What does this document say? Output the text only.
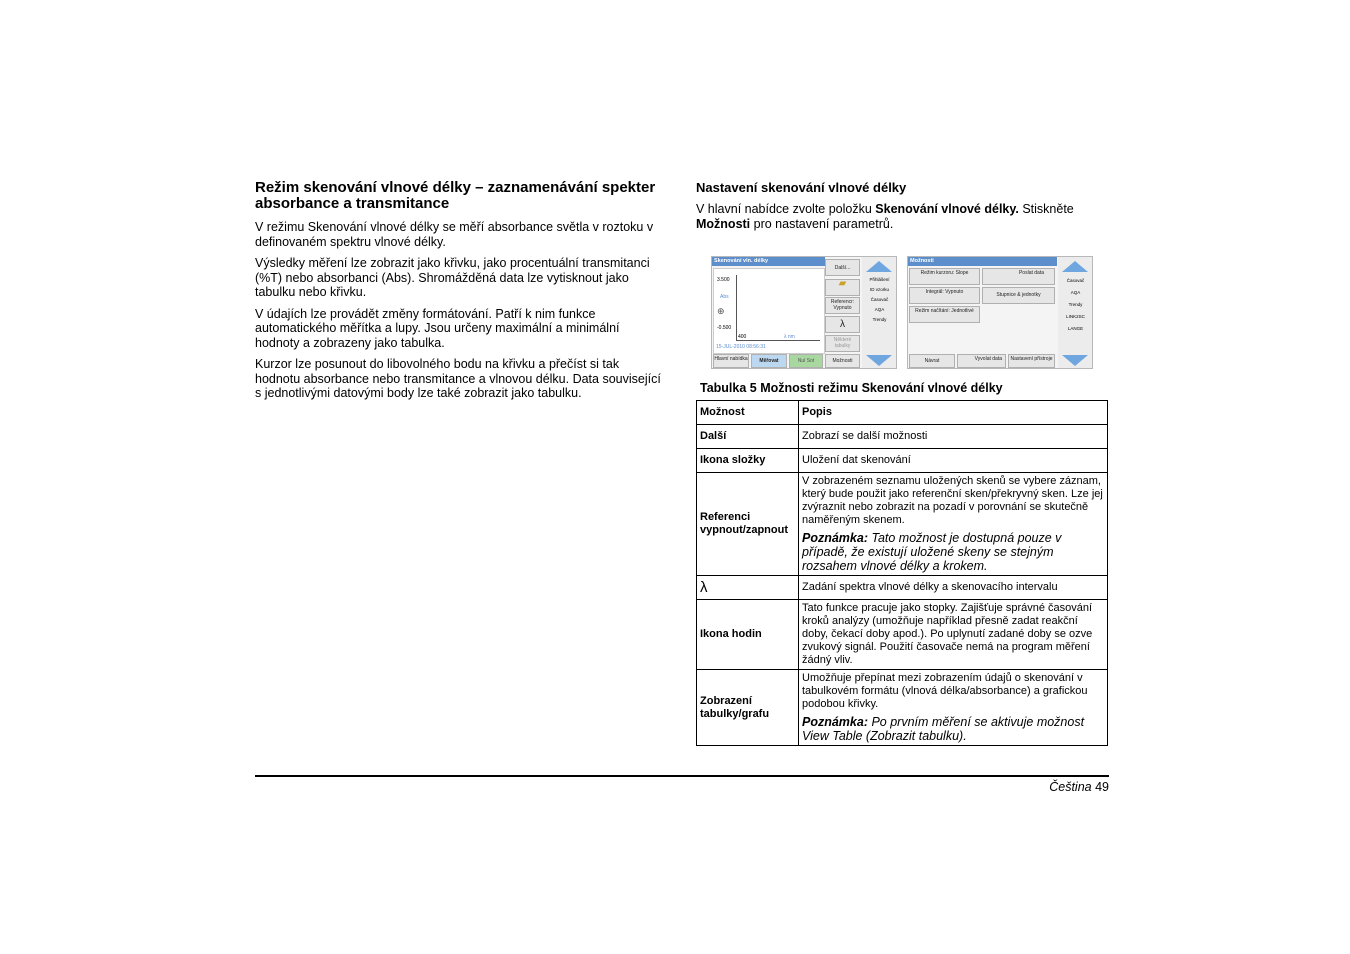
Režim skenování vlnové délky – zaznamenávání spekter absorbance a transmitance

V režimu Skenování vlnové délky se měří absorbance světla v roztoku v definovaném spektru vlnové délky.

Výsledky měření lze zobrazit jako křivku, jako procentuální transmitanci (%T) nebo absorbanci (Abs). Shromážděná data lze vytisknout jako tabulku nebo křivku.

V údajích lze provádět změny formátování. Patří k nim funkce automatického měřítka a lupy. Jsou určeny maximální a minimální hodnoty a zobrazeny jako tabulka.

Kurzor lze posunout do libovolného bodu na křivku a přečíst si tak hodnotu absorbance nebo transmitance a vlnovou délku. Data související s jednotlivými datovými body lze také zobrazit jako tabulku.

Nastavení skenování vlnové délky

V hlavní nabídce zvolte položku Skenování vlnové délky. Stiskněte Možnosti pro nastavení parametrů.

Skenování vln. délky
3.500
Abs
⊕
-0.500
400	λ nm
15-JUL-2010 08:56:31
Další...
▰
Referencr: Vypnuto
λ
Některé tabulky
Hlavní nabídka	Měřovat	Nul Sot	Možnosti
Přihlášení
ID vzorku
Časovač
AQA
Trendy
Možnosti
Režim kurzoru: Slope	Poslat data
Integrál: Vypnuto	Stupnice & jednotky
Režim načítání: Jednotlivé
Návrat	Vyvolat data	Nastavení přístroje
Časovač
AQA
Trendy
LINK2SC
LANGE
Tabulka 5 Možnosti režimu Skenování vlnové délky
Možnost	Popis
Další	Zobrazí se další možnosti
Ikona složky	Uložení dat skenování
Referenci vypnout/zapnout	V zobrazeném seznamu uložených skenů se vybere záznam, který bude použit jako referenční sken/překryvný sken. Lze jej zvýraznit nebo zobrazit na pozadí v porovnání se skutečně naměřeným skenem.
Poznámka: Tato možnost je dostupná pouze v případě, že existují uložené skeny se stejným rozsahem vlnové délky a krokem.

λ	Zadání spektra vlnové délky a skenovacího intervalu
Ikona hodin	Tato funkce pracuje jako stopky. Zajišťuje správné časování kroků analýzy (umožňuje například přesně zadat reakční doby, čekací doby apod.). Po uplynutí zadané doby se ozve zvukový signál. Použití časovače nemá na program měření žádný vliv.
Zobrazení tabulky/grafu	Umožňuje přepínat mezi zobrazením údajů o skenování v tabulkovém formátu (vlnová délka/absorbance) a grafickou podobou křivky.
Poznámka: Po prvním měření se aktivuje možnost View Table (Zobrazit tabulku).
Čeština 49
